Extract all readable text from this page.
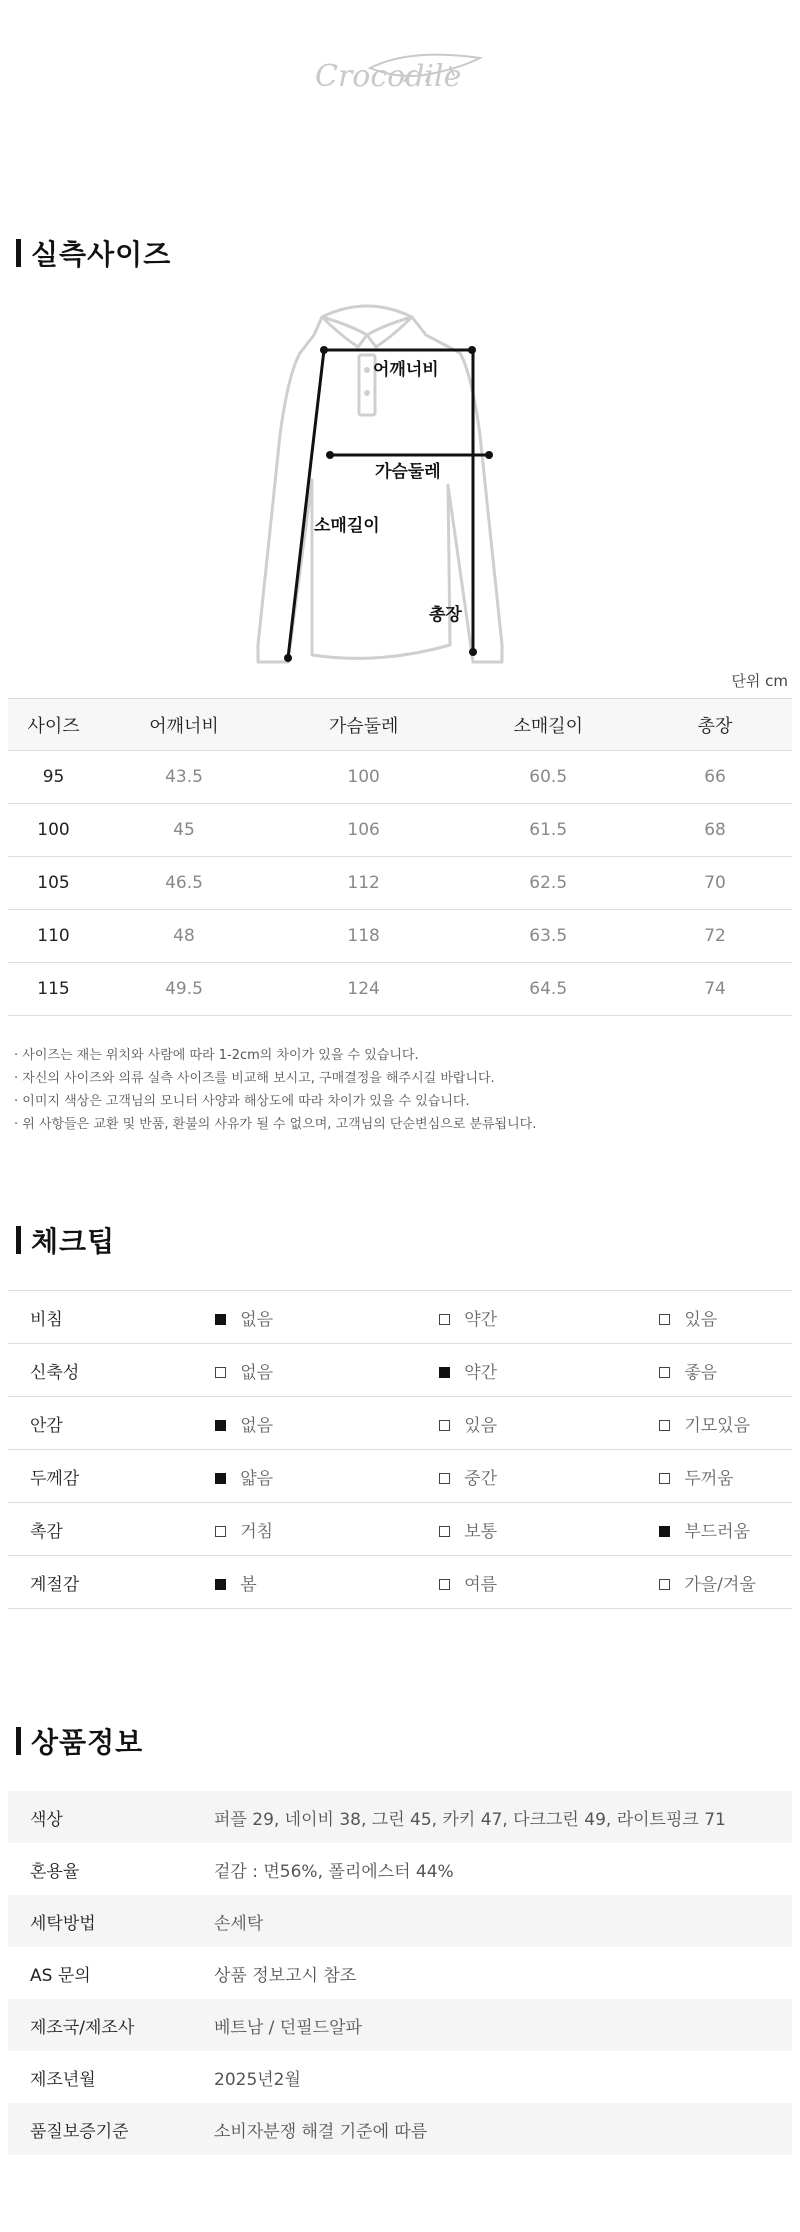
Crocodile
실측사이즈
어깨너비
가슴둘레
소매길이
총장
단위 cm
사이즈	어깨너비	가슴둘레	소매길이	총장
95	43.5	100	60.5	66
100	45	106	61.5	68
105	46.5	112	62.5	70
110	48	118	63.5	72
115	49.5	124	64.5	74
· 사이즈는 재는 위치와 사람에 따라 1-2cm의 차이가 있을 수 있습니다.
· 자신의 사이즈와 의류 실측 사이즈를 비교해 보시고, 구매결정을 해주시길 바랍니다.
· 이미지 색상은 고객님의 모니터 사양과 해상도에 따라 차이가 있을 수 있습니다.
· 위 사항들은 교환 및 반품, 환불의 사유가 될 수 없으며, 고객님의 단순변심으로 분류됩니다.
체크팁
비침	없음	약간	있음
신축성	없음	약간	좋음
안감	없음	있음	기모있음
두께감	얇음	중간	두꺼움
촉감	거침	보통	부드러움
계절감	봄	여름	가을/겨울
상품정보
색상	퍼플 29, 네이비 38, 그린 45, 카키 47, 다크그린 49, 라이트핑크 71
혼용율	겉감 : 면56%, 폴리에스터 44%
세탁방법	손세탁
AS 문의	상품 정보고시 참조
제조국/제조사	베트남 / 던필드알파
제조년월	2025년2월
품질보증기준	소비자분쟁 해결 기준에 따름
